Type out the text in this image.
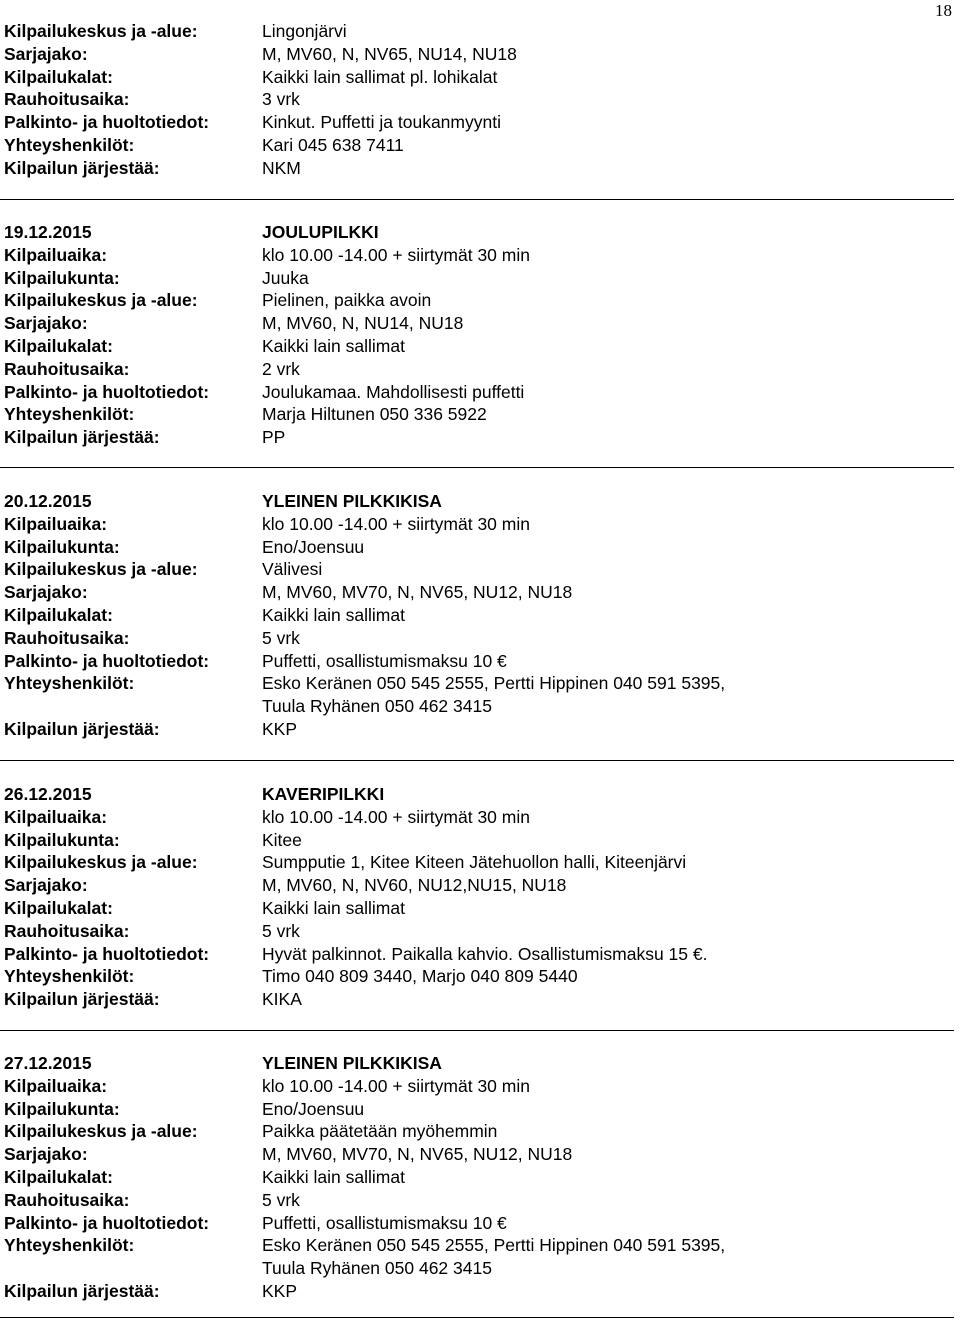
18
Kilpailukeskus ja -alue:	Lingonjärvi
Sarjajako:	M, MV60, N, NV65, NU14, NU18
Kilpailukalat:	Kaikki lain sallimat pl. lohikalat
Rauhoitusaika:	3 vrk
Palkinto- ja huoltotiedot:	Kinkut. Puffetti ja toukanmyynti
Yhteyshenkilöt:	Kari 045 638 7411
Kilpailun järjestää:	NKM
19.12.2015	JOULUPILKKI
Kilpailuaika:	klo 10.00 -14.00 + siirtymät 30 min
Kilpailukunta:	Juuka
Kilpailukeskus ja -alue:	Pielinen, paikka avoin
Sarjajako:	M, MV60, N, NU14, NU18
Kilpailukalat:	Kaikki lain sallimat
Rauhoitusaika:	2 vrk
Palkinto- ja huoltotiedot:	Joulukamaa. Mahdollisesti puffetti
Yhteyshenkilöt:	Marja Hiltunen 050 336 5922
Kilpailun järjestää:	PP
20.12.2015	YLEINEN PILKKIKISA
Kilpailuaika:	klo 10.00 -14.00 + siirtymät 30 min
Kilpailukunta:	Eno/Joensuu
Kilpailukeskus ja -alue:	Välivesi
Sarjajako:	M, MV60, MV70, N, NV65, NU12, NU18
Kilpailukalat:	Kaikki lain sallimat
Rauhoitusaika:	5 vrk
Palkinto- ja huoltotiedot:	Puffetti, osallistumismaksu 10 €
Yhteyshenkilöt:	Esko Keränen 050 545 2555, Pertti Hippinen 040 591 5395,
Tuula Ryhänen 050 462 3415
Kilpailun järjestää:	KKP
26.12.2015	KAVERIPILKKI
Kilpailuaika:	klo 10.00 -14.00 + siirtymät 30 min
Kilpailukunta:	Kitee
Kilpailukeskus ja -alue:	Sumpputie 1, Kitee Kiteen Jätehuollon halli, Kiteenjärvi
Sarjajako:	M, MV60, N, NV60, NU12,NU15, NU18
Kilpailukalat:	Kaikki lain sallimat
Rauhoitusaika:	5 vrk
Palkinto- ja huoltotiedot:	Hyvät palkinnot. Paikalla kahvio. Osallistumismaksu 15 €.
Yhteyshenkilöt:	Timo 040 809 3440, Marjo 040 809 5440
Kilpailun järjestää:	KIKA
27.12.2015	YLEINEN PILKKIKISA
Kilpailuaika:	klo 10.00 -14.00 + siirtymät 30 min
Kilpailukunta:	Eno/Joensuu
Kilpailukeskus ja -alue:	Paikka päätetään myöhemmin
Sarjajako:	M, MV60, MV70, N, NV65, NU12, NU18
Kilpailukalat:	Kaikki lain sallimat
Rauhoitusaika:	5 vrk
Palkinto- ja huoltotiedot:	Puffetti, osallistumismaksu 10 €
Yhteyshenkilöt:	Esko Keränen 050 545 2555, Pertti Hippinen 040 591 5395,
Tuula Ryhänen 050 462 3415
Kilpailun järjestää:	KKP
